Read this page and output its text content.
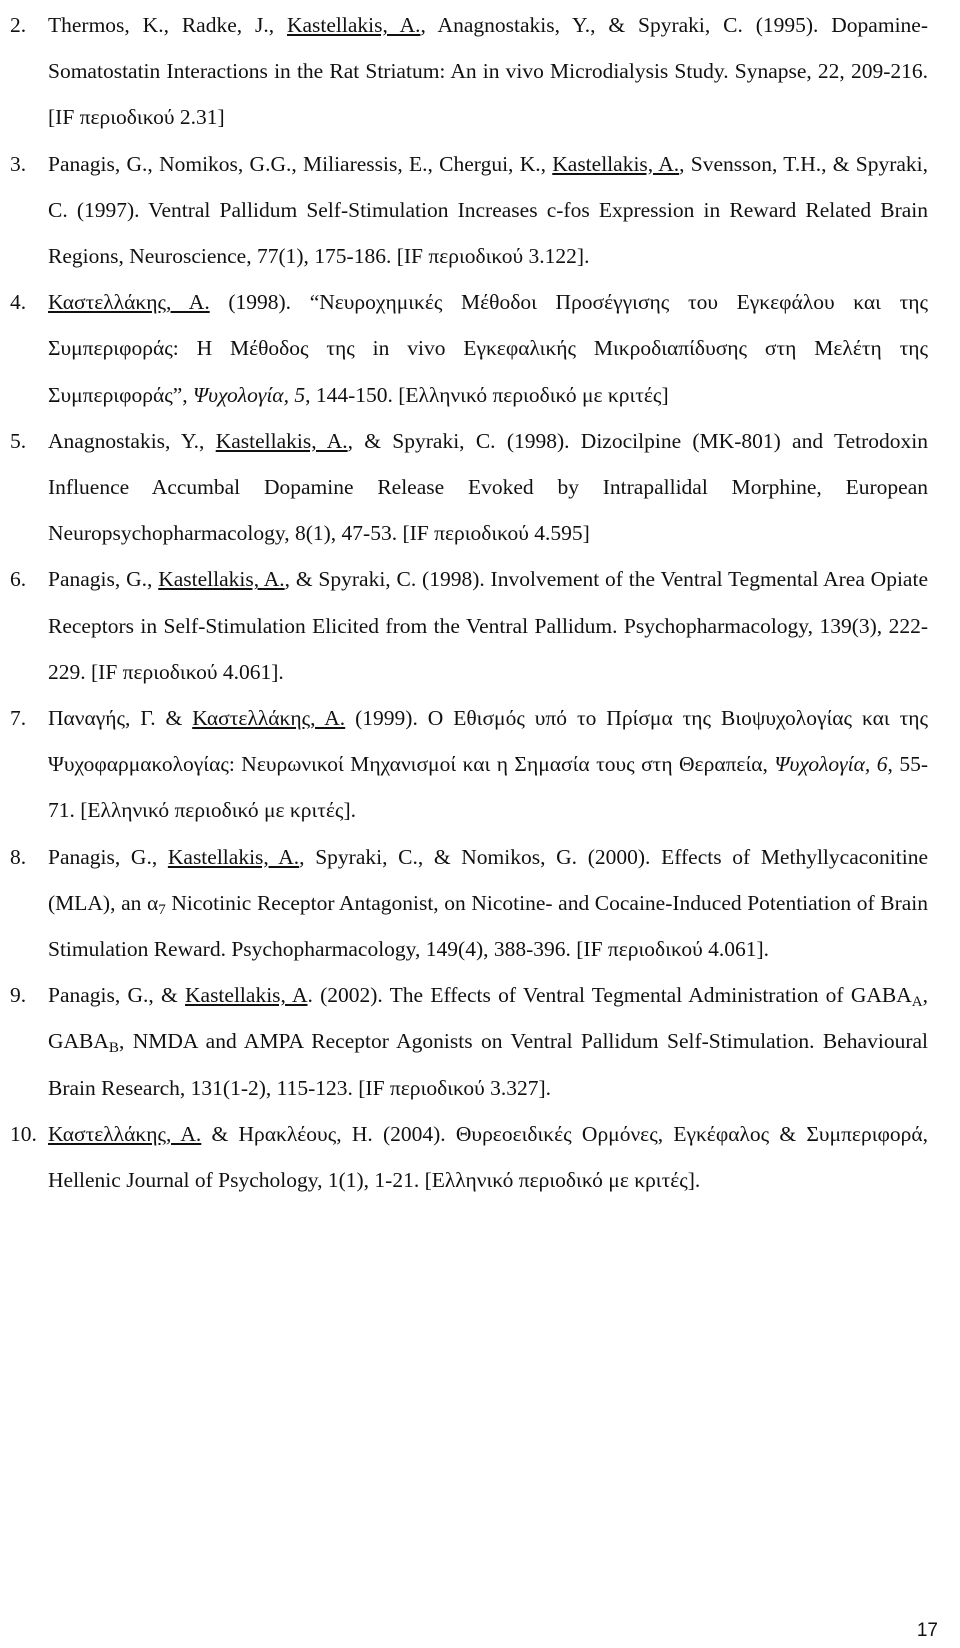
2.	Thermos, K., Radke, J., Kastellakis, A., Anagnostakis, Y., & Spyraki, C. (1995). Dopamine-Somatostatin Interactions in the Rat Striatum: An in vivo Microdialysis Study. Synapse, 22, 209-216. [IF περιοδικού 2.31]
3.	Panagis, G., Nomikos, G.G., Miliaressis, E., Chergui, K., Kastellakis, A., Svensson, T.H., & Spyraki, C. (1997). Ventral Pallidum Self-Stimulation Increases c-fos Expression in Reward Related Brain Regions, Neuroscience, 77(1), 175-186. [IF περιοδικού 3.122].
4.	Καστελλάκης, Α. (1998). “Νευροχημικές Μέθοδοι Προσέγγισης του Εγκεφάλου και της Συμπεριφοράς: Η Μέθοδος της in vivo Εγκεφαλικής Μικροδιαπίδυσης στη Μελέτη της Συμπεριφοράς”, Ψυχολογία, 5, 144-150. [Ελληνικό περιοδικό με κριτές]
5.	Anagnostakis, Y., Kastellakis, A., & Spyraki, C. (1998). Dizocilpine (MK-801) and Tetrodoxin Influence Accumbal Dopamine Release Evoked by Intrapallidal Morphine, European Neuropsychopharmacology, 8(1), 47-53. [IF περιοδικού 4.595]
6.	Panagis, G., Kastellakis, A., & Spyraki, C. (1998). Involvement of the Ventral Tegmental Area Opiate Receptors in Self-Stimulation Elicited from the Ventral Pallidum. Psychopharmacology, 139(3), 222-229. [IF περιοδικού 4.061].
7.	Παναγής, Γ. & Καστελλάκης, Α. (1999). Ο Εθισμός υπό το Πρίσμα της Βιοψυχολογίας και της Ψυχοφαρμακολογίας: Νευρωνικοί Μηχανισμοί και η Σημασία τους στη Θεραπεία, Ψυχολογία, 6, 55-71. [Ελληνικό περιοδικό με κριτές].
8.	Panagis, G., Kastellakis, A., Spyraki, C., & Nomikos, G. (2000). Effects of Methyllycaconitine (MLA), an $\alpha_7$ Nicotinic Receptor Antagonist, on Nicotine- and Cocaine-Induced Potentiation of Brain Stimulation Reward. Psychopharmacology, 149(4), 388-396. [IF περιοδικού 4.061].
9.	Panagis, G., & Kastellakis, A. (2002). The Effects of Ventral Tegmental Administration of $GABA_A$, $GABA_B$, NMDA and AMPA Receptor Agonists on Ventral Pallidum Self-Stimulation. Behavioural Brain Research, 131(1-2), 115-123. [IF περιοδικού 3.327].
10. Καστελλάκης, Α. & Ηρακλέους, Η. (2004). Θυρεοειδικές Ορμόνες, Εγκέφαλος & Συμπεριφορά, Hellenic Journal of Psychology, 1(1), 1-21. [Ελληνικό περιοδικό με κριτές].
17
